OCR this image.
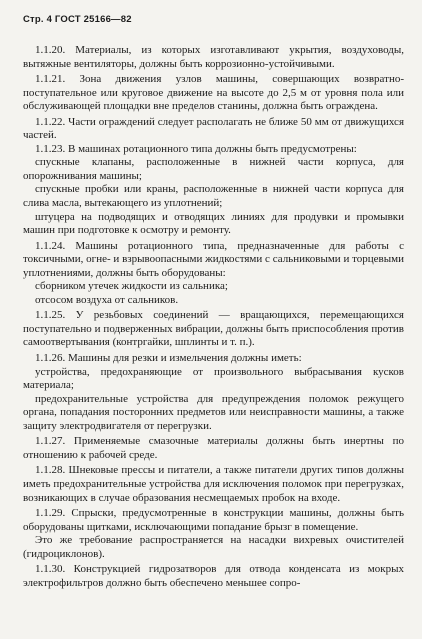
Стр. 4 ГОСТ 25166—82

1.1.20. Материалы, из которых изготавливают укрытия, воздуховоды, вытяжные вентиляторы, должны быть коррозионно-устойчивыми.

1.1.21. Зона движения узлов машины, совершающих возвратно-поступательное или круговое движение на высоте до 2,5 м от уровня пола или обслуживающей площадки вне пределов станины, должна быть ограждена.

1.1.22. Части ограждений следует располагать не ближе 50 мм от движущихся частей.

1.1.23. В машинах ротационного типа должны быть предусмотрены:

спускные клапаны, расположенные в нижней части корпуса, для опорожнивания машины;

спускные пробки или краны, расположенные в нижней части корпуса для слива масла, вытекающего из уплотнений;

штуцера на подводящих и отводящих линиях для продувки и промывки машин при подготовке к осмотру и ремонту.

1.1.24. Машины ротационного типа, предназначенные для работы с токсичными, огне- и взрывоопасными жидкостями с сальниковыми и торцевыми уплотнениями, должны быть оборудованы:

сборником утечек жидкости из сальника;

отсосом воздуха от сальников.

1.1.25. У резьбовых соединений — вращающихся, перемещающихся поступательно и подверженных вибрации, должны быть приспособления против самоотвертывания (контргайки, шплинты и т. п.).

1.1.26. Машины для резки и измельчения должны иметь:

устройства, предохраняющие от произвольного выбрасывания кусков материала;

предохранительные устройства для предупреждения поломок режущего органа, попадания посторонних предметов или неисправности машины, а также защиту электродвигателя от перегрузки.

1.1.27. Применяемые смазочные материалы должны быть инертны по отношению к рабочей среде.

1.1.28. Шнековые прессы и питатели, а также питатели других типов должны иметь предохранительные устройства для исключения поломок при перегрузках, возникающих в случае образования несмещаемых пробок на входе.

1.1.29. Спрыски, предусмотренные в конструкции машины, должны быть оборудованы щитками, исключающими попадание брызг в помещение.

Это же требование распространяется на насадки вихревых очистителей (гидроциклонов).

1.1.30. Конструкцией гидрозатворов для отвода конденсата из мокрых электрофильтров должно быть обеспечено меньшее сопро-
